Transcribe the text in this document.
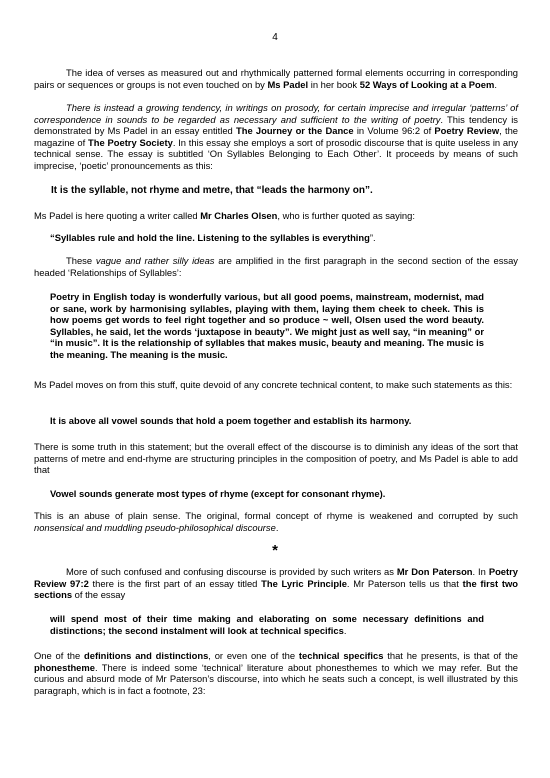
4

The idea of verses as measured out and rhythmically patterned formal elements occurring in corresponding pairs or sequences or groups is not even touched on by Ms Padel in her book 52 Ways of Looking at a Poem.

There is instead a growing tendency, in writings on prosody, for certain imprecise and irregular ‘patterns’ of correspondence in sounds to be regarded as necessary and sufficient to the writing of poetry. This tendency is demonstrated by Ms Padel in an essay entitled The Journey or the Dance in Volume 96:2 of Poetry Review, the magazine of The Poetry Society. In this essay she employs a sort of prosodic discourse that is quite useless in any technical sense. The essay is subtitled ‘On Syllables Belonging to Each Other’. It proceeds by means of such imprecise, ‘poetic’ pronouncements as this:

It is the syllable, not rhyme and metre, that “leads the harmony on”.

Ms Padel is here quoting a writer called Mr Charles Olsen, who is further quoted as saying:

“Syllables rule and hold the line. Listening to the syllables is everything”.

These vague and rather silly ideas are amplified in the first paragraph in the second section of the essay headed ‘Relationships of Syllables’:

Poetry in English today is wonderfully various, but all good poems, mainstream, modernist, mad or sane, work by harmonising syllables, playing with them, laying them cheek to cheek. This is how poems get words to feel right together and so produce ~ well, Olsen used the word beauty. Syllables, he said, let the words ‘juxtapose in beauty”. We might just as well say, “in meaning” or “in music”. It is the relationship of syllables that makes music, beauty and meaning. The music is the meaning. The meaning is the music.

Ms Padel moves on from this stuff, quite devoid of any concrete technical content, to make such statements as this:

It is above all vowel sounds that hold a poem together and establish its harmony.

There is some truth in this statement; but the overall effect of the discourse is to diminish any ideas of the sort that patterns of metre and end-rhyme are structuring principles in the composition of poetry, and Ms Padel is able to add that

Vowel sounds generate most types of rhyme (except for consonant rhyme).

This is an abuse of plain sense. The original, formal concept of rhyme is weakened and corrupted by such nonsensical and muddling pseudo-philosophical discourse.

*

More of such confused and confusing discourse is provided by such writers as Mr Don Paterson. In Poetry Review 97:2 there is the first part of an essay titled The Lyric Principle. Mr Paterson tells us that the first two sections of the essay

will spend most of their time making and elaborating on some necessary definitions and distinctions; the second instalment will look at technical specifics.

One of the definitions and distinctions, or even one of the technical specifics that he presents, is that of the phonestheme. There is indeed some ‘technical’ literature about phonesthemes to which we may refer. But the curious and absurd mode of Mr Paterson’s discourse, into which he seats such a concept, is well illustrated by this paragraph, which is in fact a footnote, 23:
